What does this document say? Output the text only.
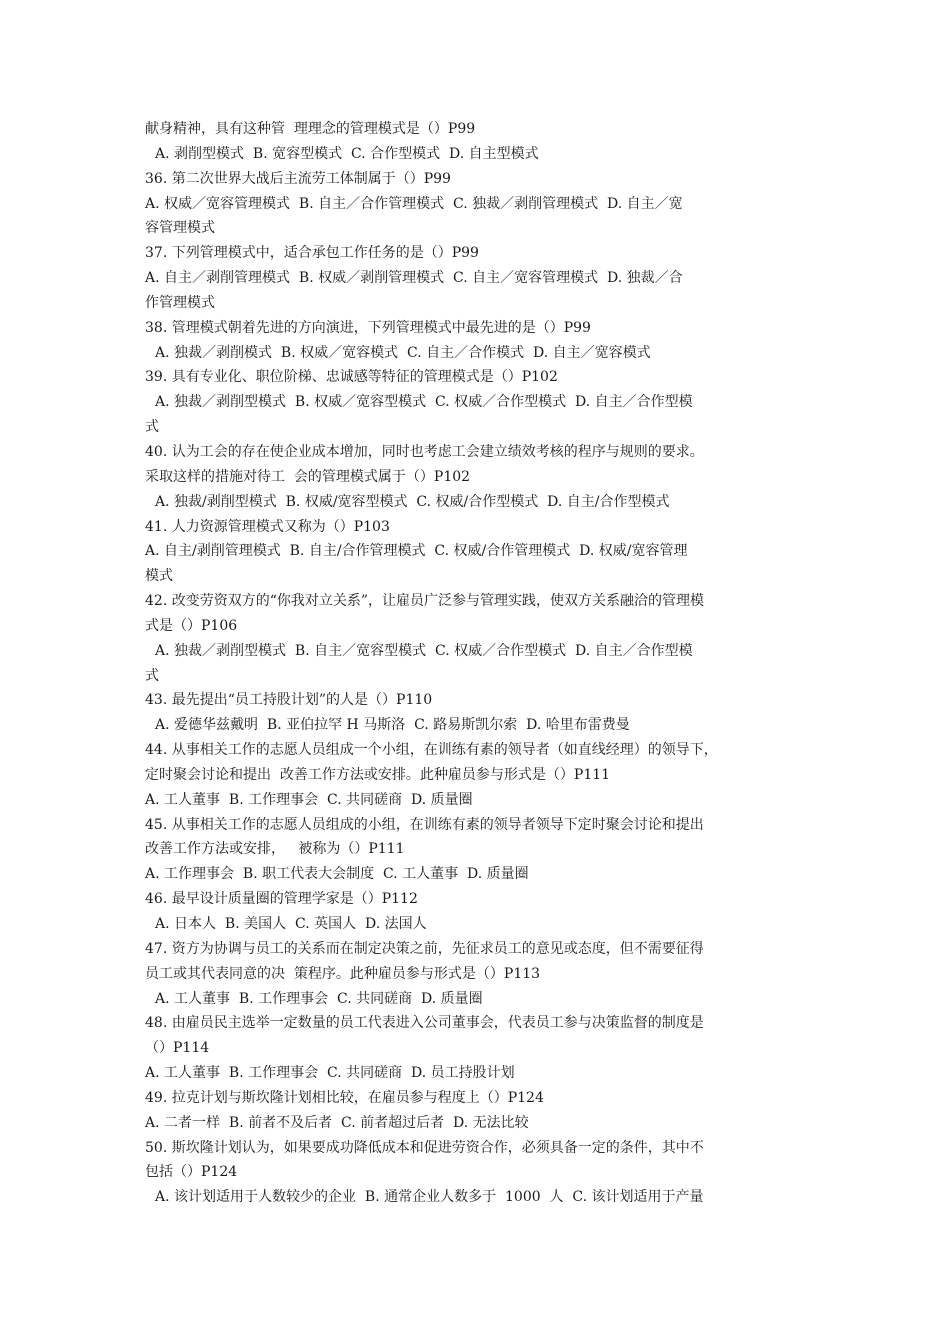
献身精神，具有这种管  理理念的管理模式是（）P99
A. 剥削型模式  B. 宽容型模式  C. 合作型模式  D. 自主型模式
36. 第二次世界大战后主流劳工体制属于（）P99
A. 权威／宽容管理模式  B. 自主／合作管理模式  C. 独裁／剥削管理模式  D. 自主／宽
容管理模式
37. 下列管理模式中，适合承包工作任务的是（）P99
A. 自主／剥削管理模式  B. 权威／剥削管理模式  C. 自主／宽容管理模式  D. 独裁／合
作管理模式
38. 管理模式朝着先进的方向演进，下列管理模式中最先进的是（）P99
A. 独裁／剥削模式  B. 权威／宽容模式  C. 自主／合作模式  D. 自主／宽容模式
39. 具有专业化、职位阶梯、忠诚感等特征的管理模式是（）P102
A. 独裁／剥削型模式  B. 权威／宽容型模式  C. 权威／合作型模式  D. 自主／合作型模
式
40. 认为工会的存在使企业成本增加，同时也考虑工会建立绩效考核的程序与规则的要求。
采取这样的措施对待工  会的管理模式属于（）P102
A. 独裁/剥削型模式  B. 权威/宽容型模式  C. 权威/合作型模式  D. 自主/合作型模式
41. 人力资源管理模式又称为（）P103
A. 自主/剥削管理模式  B. 自主/合作管理模式  C. 权威/合作管理模式  D. 权威/宽容管理
模式
42. 改变劳资双方的“你我对立关系”，让雇员广泛参与管理实践，使双方关系融洽的管理模
式是（）P106
A. 独裁／剥削型模式  B. 自主／宽容型模式  C. 权威／合作型模式  D. 自主／合作型模
式
43. 最先提出“员工持股计划”的人是（）P110
A. 爱德华兹戴明  B. 亚伯拉罕 H 马斯洛  C. 路易斯凯尔索  D. 哈里布雷费曼
44. 从事相关工作的志愿人员组成一个小组，在训练有素的领导者（如直线经理）的领导下，
定时聚会讨论和提出  改善工作方法或安排。此种雇员参与形式是（）P111
A. 工人董事  B. 工作理事会  C. 共同磋商  D. 质量圈
45. 从事相关工作的志愿人员组成的小组，在训练有素的领导者领导下定时聚会讨论和提出
改善工作方法或安排，   被称为（）P111
A. 工作理事会  B. 职工代表大会制度  C. 工人董事  D. 质量圈
46. 最早设计质量圈的管理学家是（）P112
A. 日本人  B. 美国人  C. 英国人  D. 法国人
47. 资方为协调与员工的关系而在制定决策之前，先征求员工的意见或态度，但不需要征得
员工或其代表同意的决  策程序。此种雇员参与形式是（）P113
A. 工人董事  B. 工作理事会  C. 共同磋商  D. 质量圈
48. 由雇员民主选举一定数量的员工代表进入公司董事会，代表员工参与决策监督的制度是
（）P114
A. 工人董事  B. 工作理事会  C. 共同磋商  D. 员工持股计划
49. 拉克计划与斯坎隆计划相比较，在雇员参与程度上（）P124
A. 二者一样  B. 前者不及后者  C. 前者超过后者  D. 无法比较
50. 斯坎隆计划认为，如果要成功降低成本和促进劳资合作，必须具备一定的条件，其中不
包括（）P124
A. 该计划适用于人数较少的企业  B. 通常企业人数多于  1000  人  C. 该计划适用于产量
